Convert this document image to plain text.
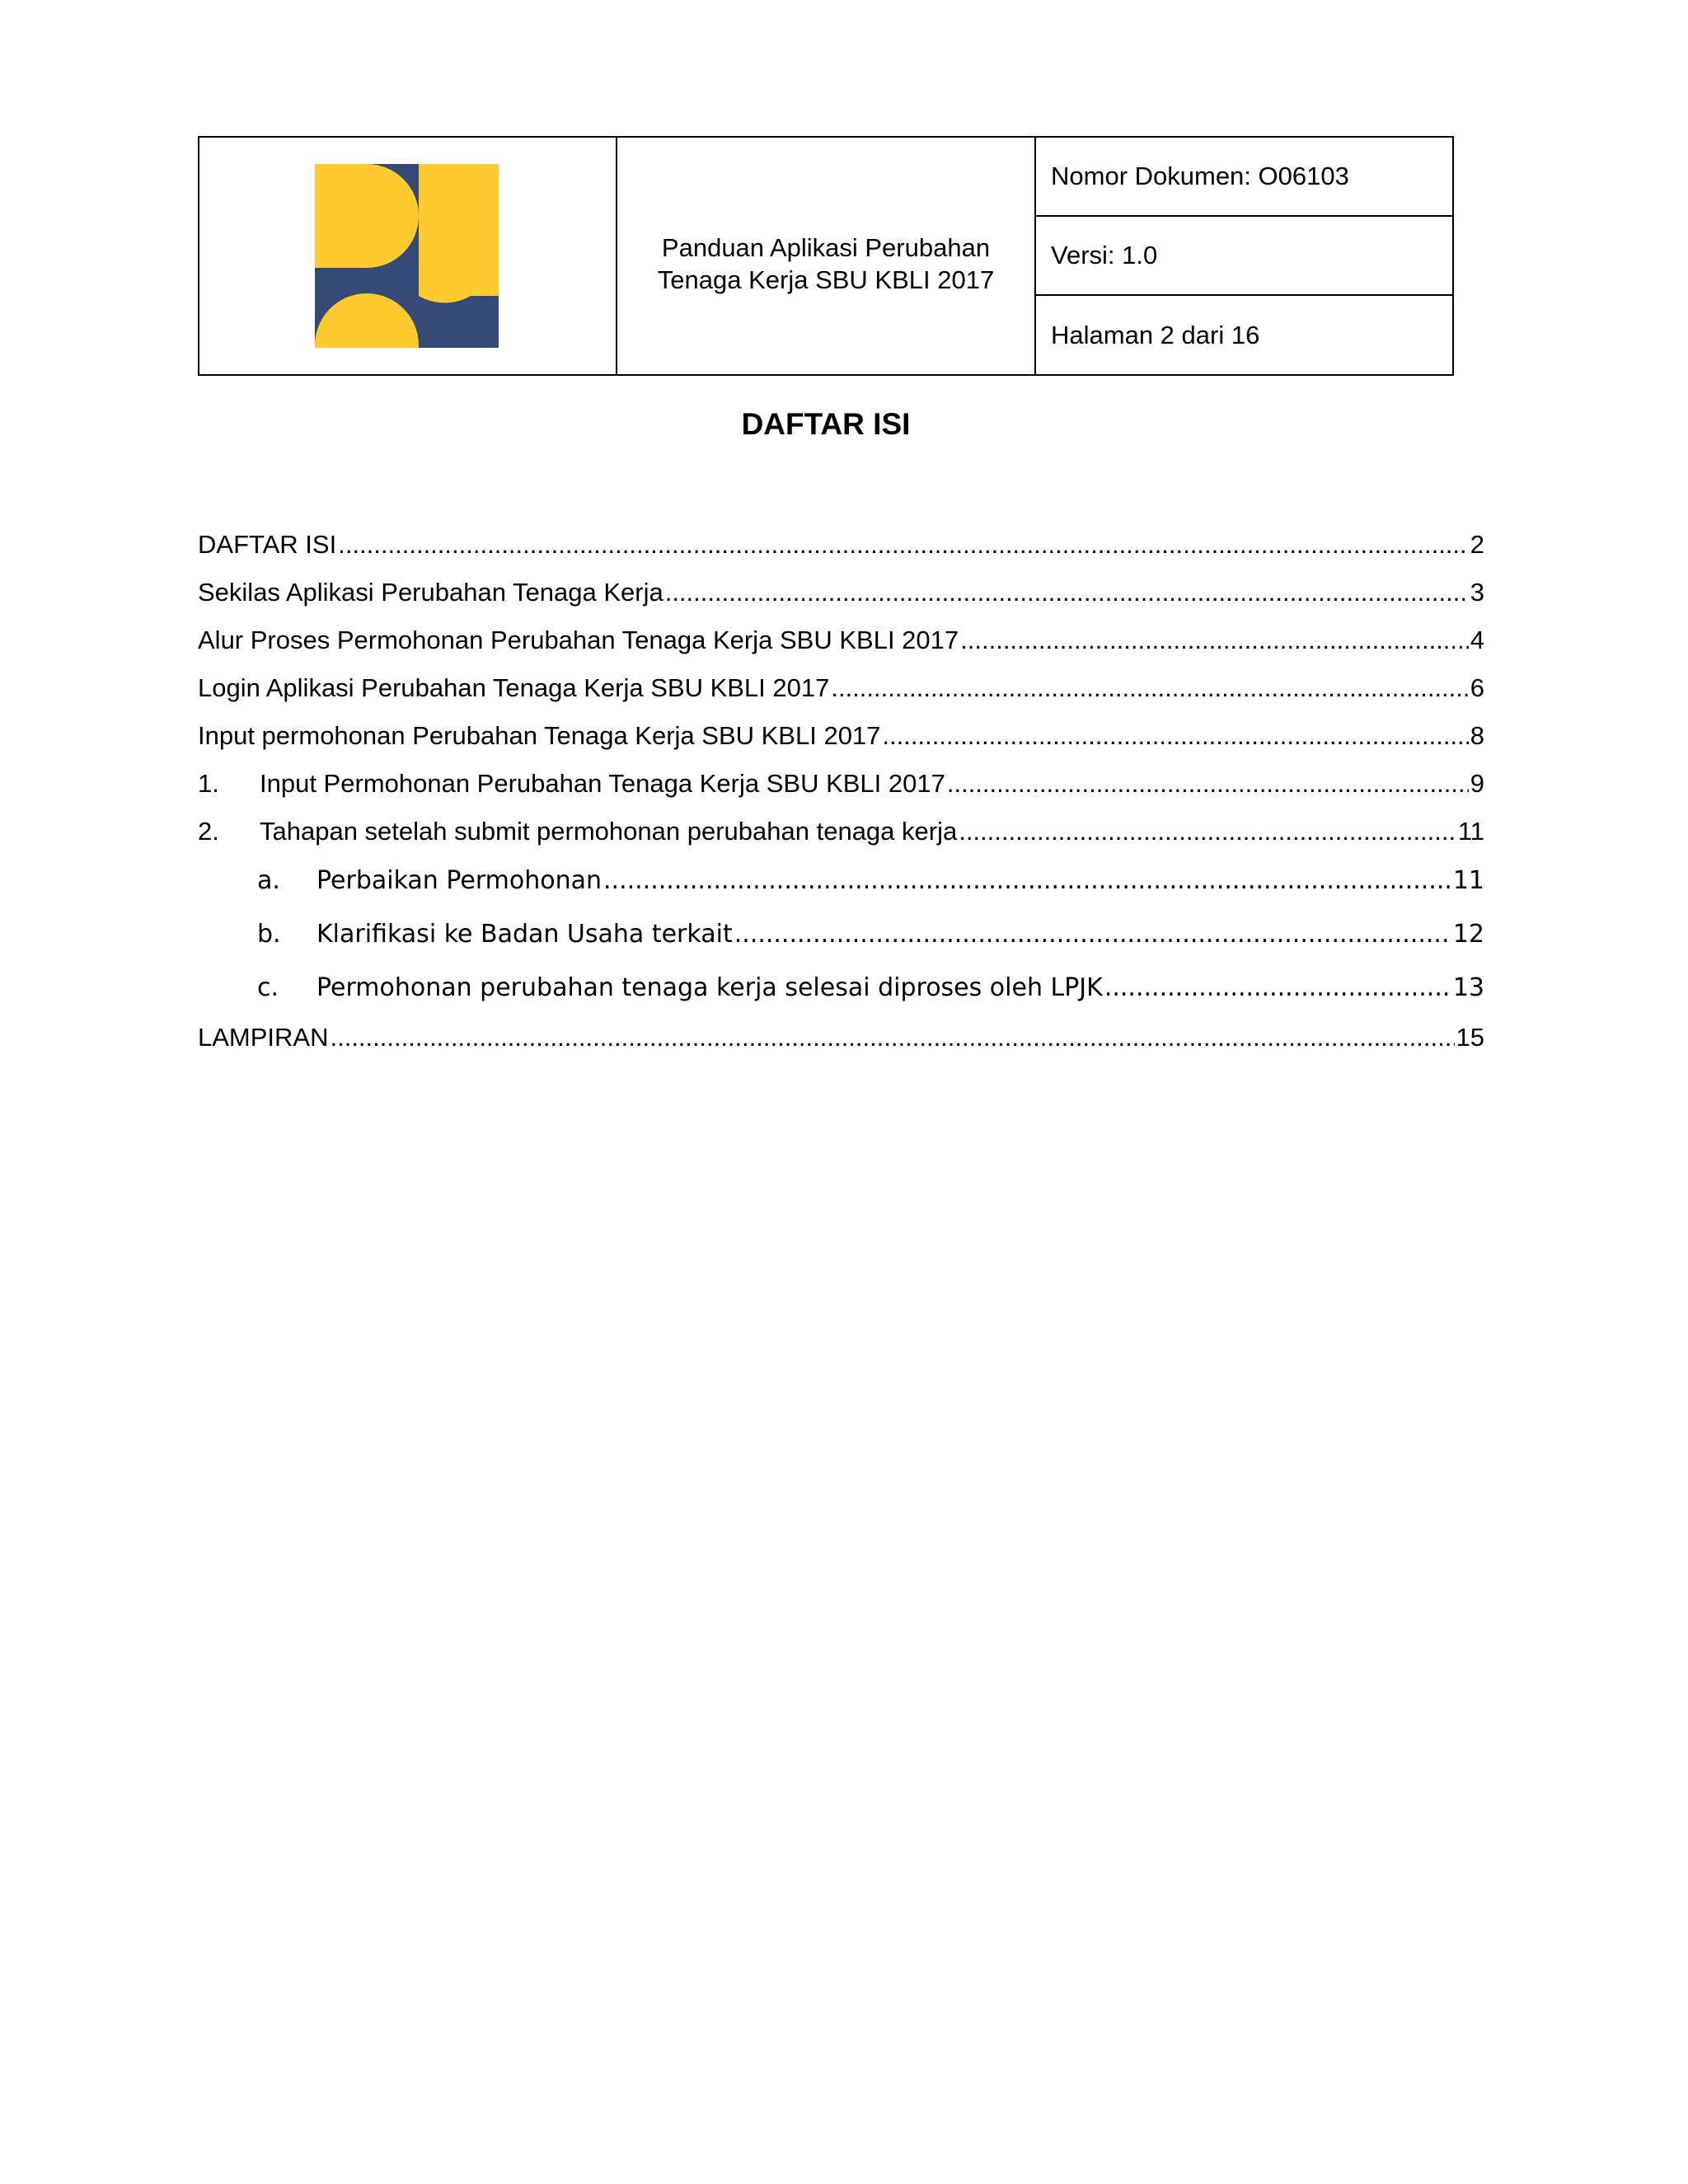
Panduan Aplikasi Perubahan Tenaga Kerja SBU KBLI 2017
Nomor Dokumen: O06103
Versi: 1.0
Halaman 2 dari 16
DAFTAR ISI
DAFTAR ISI .....	2
Sekilas Aplikasi Perubahan Tenaga Kerja .....	3
Alur Proses Permohonan Perubahan Tenaga Kerja SBU KBLI 2017 .....	4
Login Aplikasi Perubahan Tenaga Kerja SBU KBLI 2017 .....	6
Input permohonan Perubahan Tenaga Kerja SBU KBLI 2017 .....	8
1.	Input Permohonan Perubahan Tenaga Kerja SBU KBLI 2017 .....	9
2.	Tahapan setelah submit permohonan perubahan tenaga kerja .....	11
a.	Perbaikan Permohonan .....	11
b.	Klarifikasi ke Badan Usaha terkait .....	12
c.	Permohonan perubahan tenaga kerja selesai diproses oleh LPJK .....	13
LAMPIRAN .....	15
